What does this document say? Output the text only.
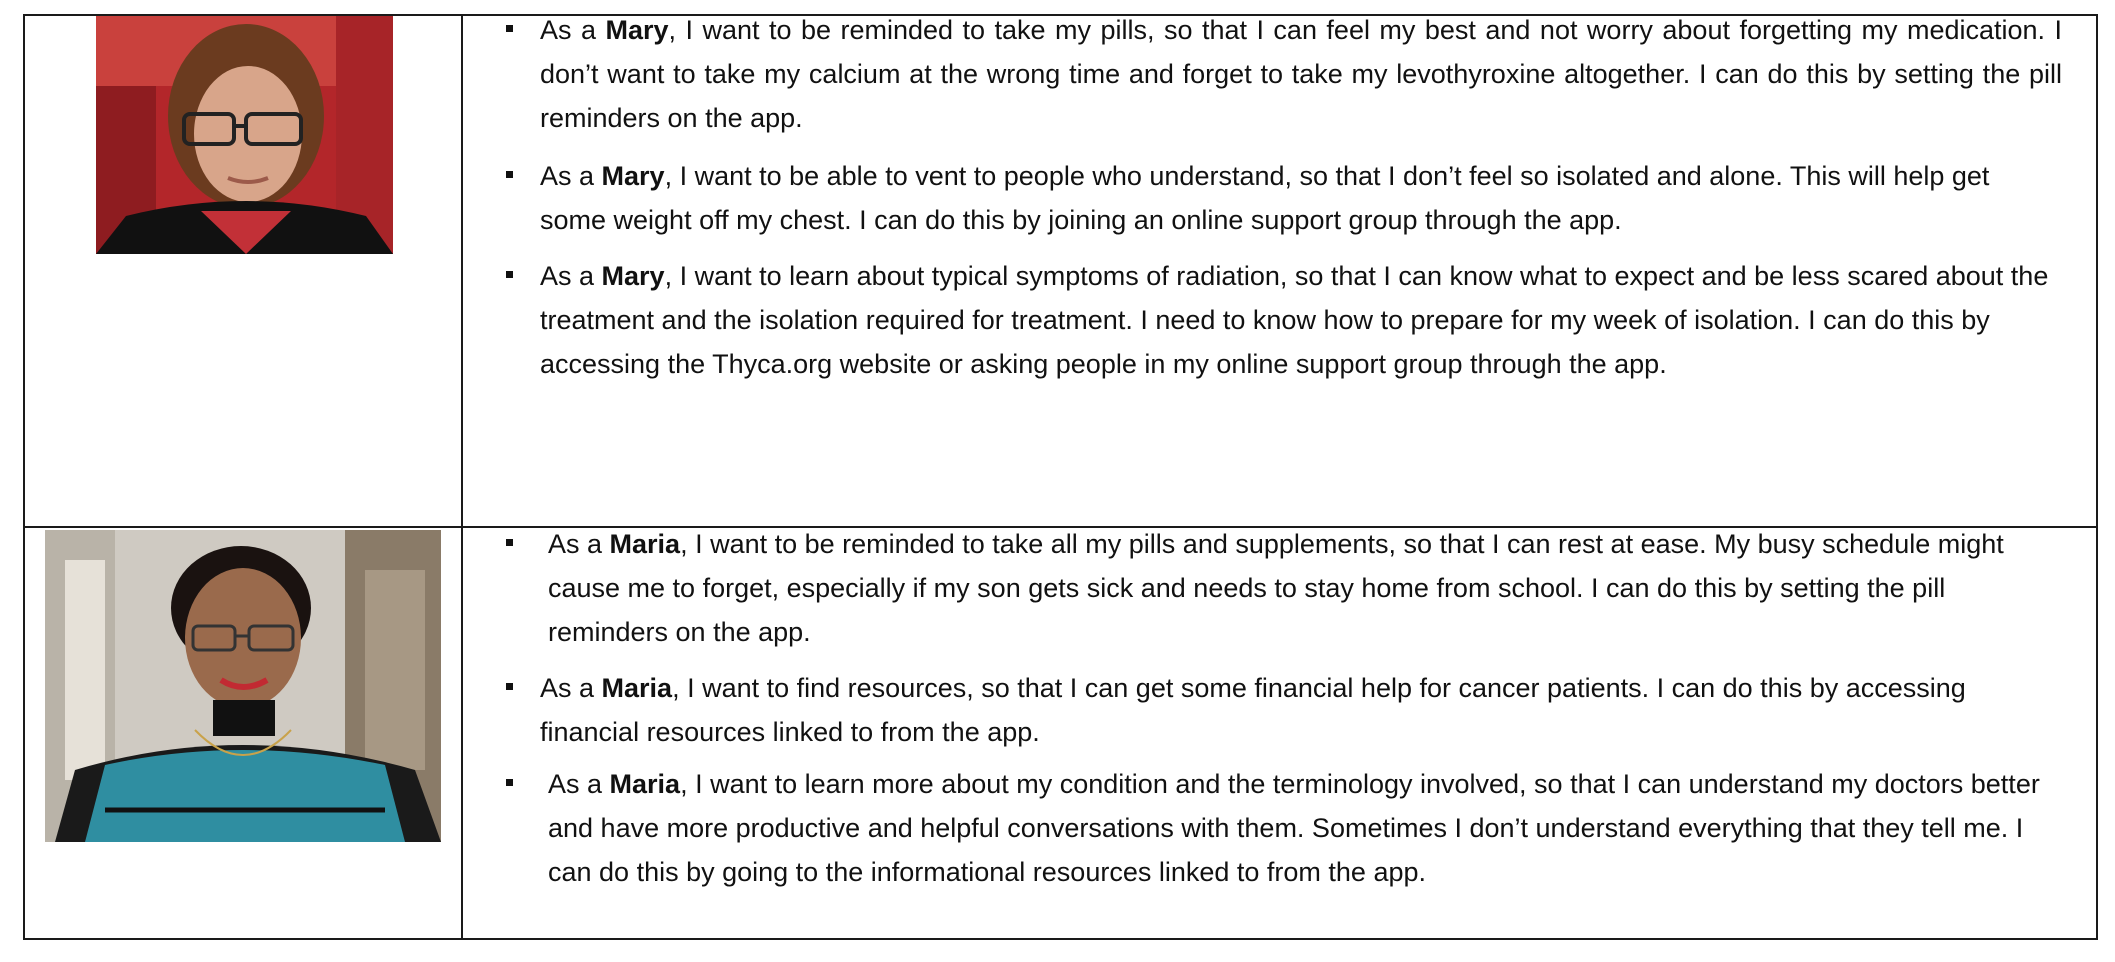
As a Mary, I want to be reminded to take my pills, so that I can feel my best and not worry about forgetting my medication. I don’t want to take my calcium at the wrong time and forget to take my levothyroxine altogether. I can do this by setting the pill reminders on the app.
As a Mary, I want to be able to vent to people who understand, so that I don’t feel so isolated and alone. This will help get some weight off my chest. I can do this by joining an online support group through the app.
As a Mary, I want to learn about typical symptoms of radiation, so that I can know what to expect and be less scared about the treatment and the isolation required for treatment. I need to know how to prepare for my week of isolation. I can do this by accessing the Thyca.org website or asking people in my online support group through the app.
As a Maria, I want to be reminded to take all my pills and supplements, so that I can rest at ease. My busy schedule might cause me to forget, especially if my son gets sick and needs to stay home from school. I can do this by setting the pill reminders on the app.
As a Maria, I want to find resources, so that I can get some financial help for cancer patients. I can do this by accessing financial resources linked to from the app.
As a Maria, I want to learn more about my condition and the terminology involved, so that I can understand my doctors better and have more productive and helpful conversations with them. Sometimes I don’t understand everything that they tell me. I can do this by going to the informational resources linked to from the app.
